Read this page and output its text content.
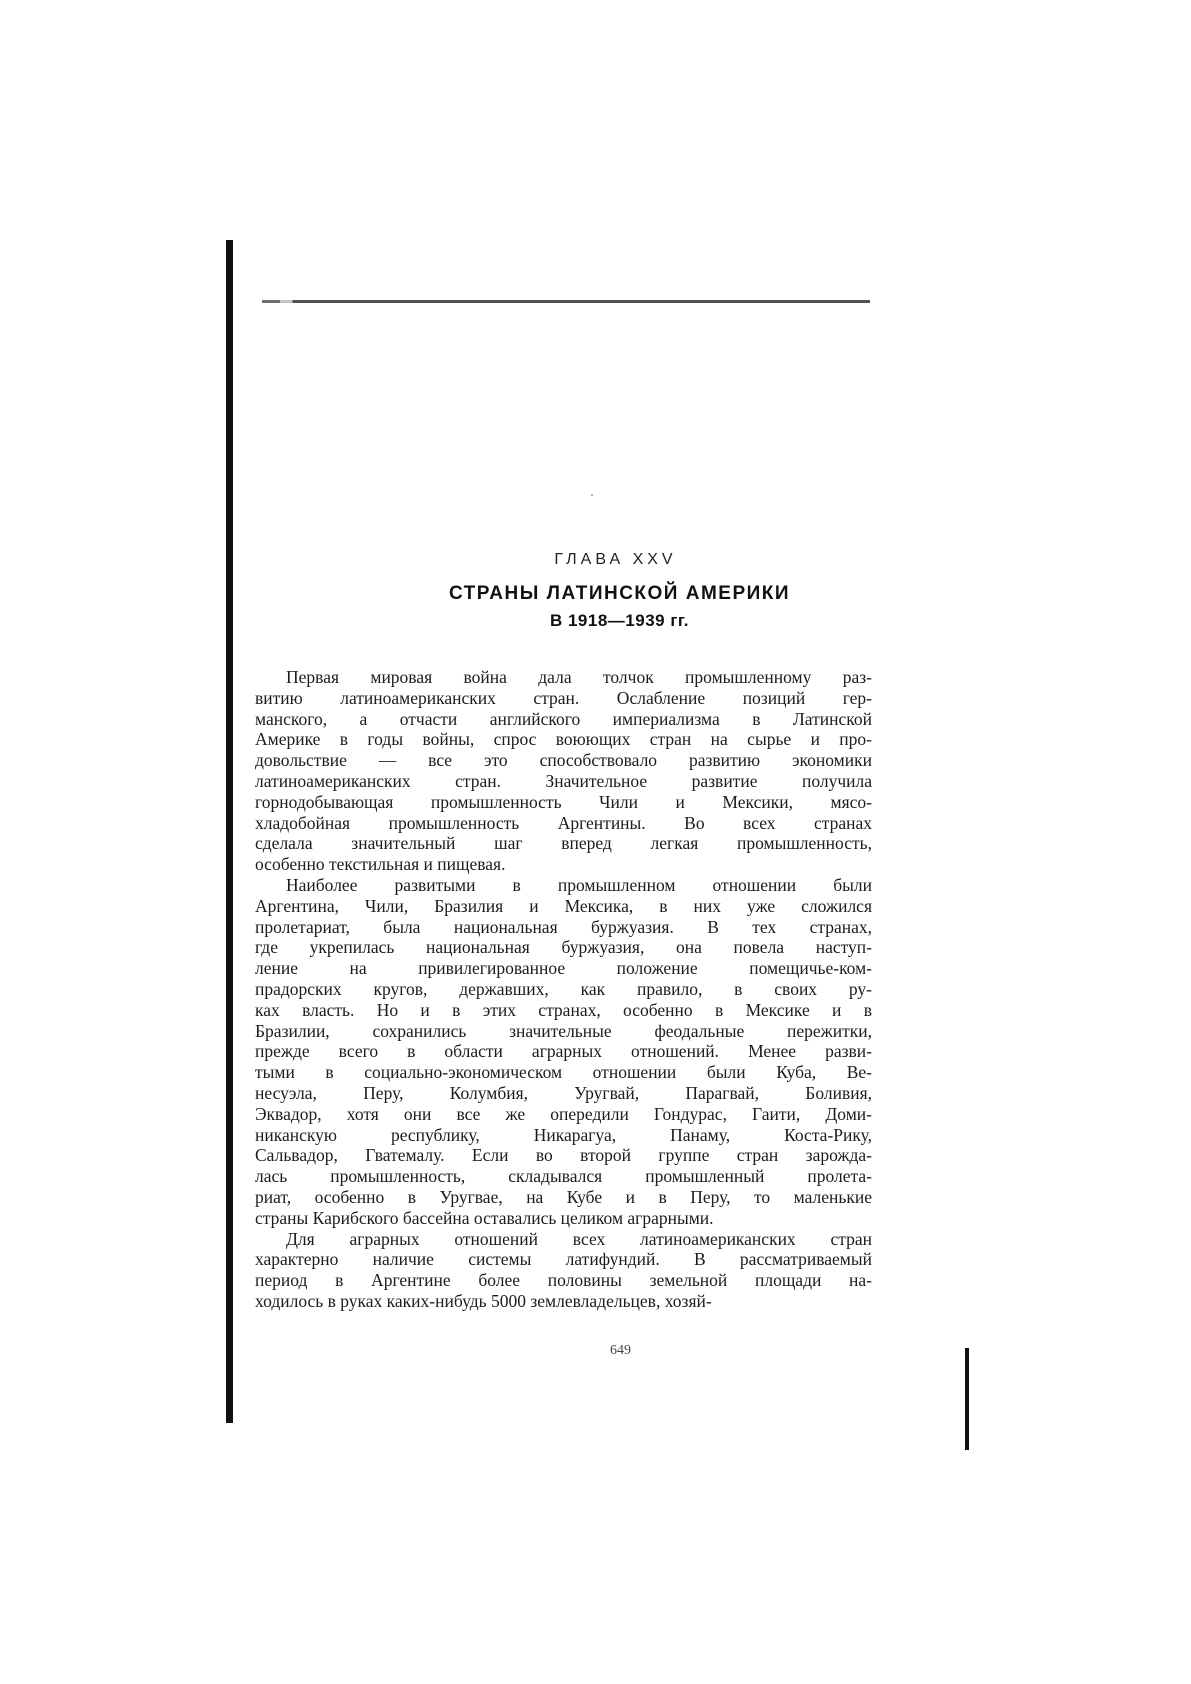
ГЛАВА XXV
СТРАНЫ ЛАТИНСКОЙ АМЕРИКИ
В 1918—1939 гг.
Первая мировая война дала толчок промышленному раз-
витию латиноамериканских стран. Ослабление позиций гер-
манского, а отчасти английского империализма в Латинской
Америке в годы войны, спрос воюющих стран на сырье и про-
довольствие — все это способствовало развитию экономики
латиноамериканских стран. Значительное развитие получила
горнодобывающая промышленность Чили и Мексики, мясо-
хладобойная промышленность Аргентины. Во всех странах
сделала значительный шаг вперед легкая промышленность,
особенно текстильная и пищевая.
Наиболее развитыми в промышленном отношении были
Аргентина, Чили, Бразилия и Мексика, в них уже сложился
пролетариат, была национальная буржуазия. В тех странах,
где укрепилась национальная буржуазия, она повела наступ-
ление на привилегированное положение помещичье-ком-
прадорских кругов, державших, как правило, в своих ру-
ках власть. Но и в этих странах, особенно в Мексике и в
Бразилии, сохранились значительные феодальные пережитки,
прежде всего в области аграрных отношений. Менее разви-
тыми в социально-экономическом отношении были Куба, Ве-
несуэла, Перу, Колумбия, Уругвай, Парагвай, Боливия,
Эквадор, хотя они все же опередили Гондурас, Гаити, Доми-
никанскую республику, Никарагуа, Панаму, Коста-Рику,
Сальвадор, Гватемалу. Если во второй группе стран зарожда-
лась промышленность, складывался промышленный пролета-
риат, особенно в Уругвае, на Кубе и в Перу, то маленькие
страны Карибского бассейна оставались целиком аграрными.
Для аграрных отношений всех латиноамериканских стран
характерно наличие системы латифундий. В рассматриваемый
период в Аргентине более половины земельной площади на-
ходилось в руках каких-нибудь 5000 землевладельцев, хозяй-
649
